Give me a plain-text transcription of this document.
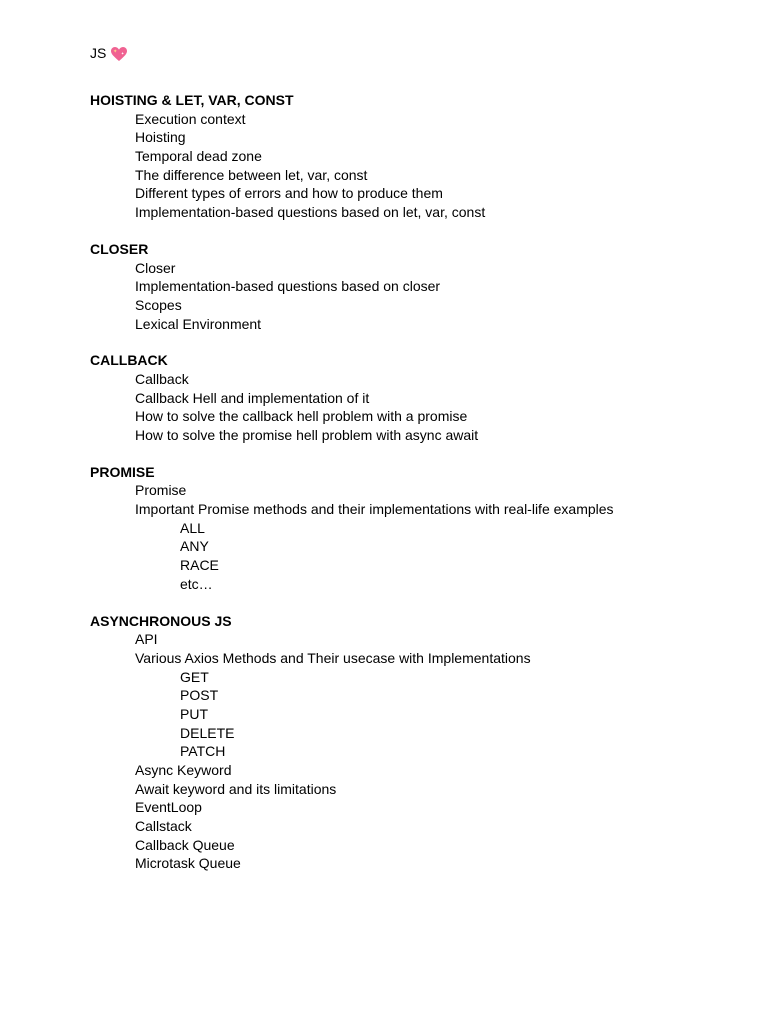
JS
HOISTING & LET, VAR, CONST
Execution context
Hoisting
Temporal dead zone
The difference between let, var, const
Different types of errors and how to produce them
Implementation-based questions based on let, var, const
CLOSER
Closer
Implementation-based questions based on closer
Scopes
Lexical Environment
CALLBACK
Callback
Callback Hell and implementation of it
How to solve the callback hell problem with a promise
How to solve the promise hell problem with async await
PROMISE
Promise
Important Promise methods and their implementations with real-life examples
ALL
ANY
RACE
etc…
ASYNCHRONOUS JS
API
Various Axios Methods and Their usecase with Implementations
GET
POST
PUT
DELETE
PATCH
Async Keyword
Await keyword and its limitations
EventLoop
Callstack
Callback Queue
Microtask Queue
